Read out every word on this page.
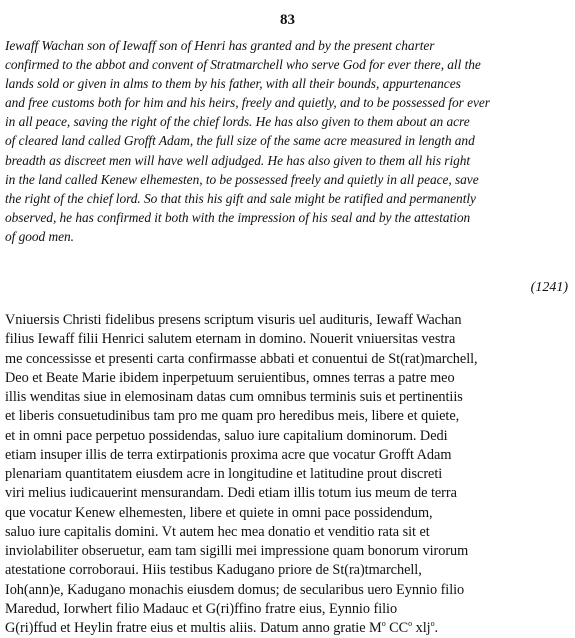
83
Iewaff Wachan son of Iewaff son of Henri has granted and by the present charter
confirmed to the abbot and convent of Stratmarchell who serve God for ever there, all the
lands sold or given in alms to them by his father, with all their bounds, appurtenances
and free customs both for him and his heirs, freely and quietly, and to be possessed for ever
in all peace, saving the right of the chief lords. He has also given to them about an acre
of cleared land called Grofft Adam, the full size of the same acre measured in length and
breadth as discreet men will have well adjudged. He has also given to them all his right
in the land called Kenew elhemesten, to be possessed freely and quietly in all peace, save
the right of the chief lord. So that this his gift and sale might be ratified and permanently
observed, he has confirmed it both with the impression of his seal and by the attestation
of good men.
(1241)
Vniuersis Christi fidelibus presens scriptum visuris uel audituris, Iewaff Wachan
filius Iewaff filii Henrici salutem eternam in domino. Nouerit vniuersitas vestra
me concessisse et presenti carta confirmasse abbati et conuentui de St(rat)marchell,
Deo et Beate Marie ibidem inperpetuum seruientibus, omnes terras a patre meo
illis wenditas siue in elemosinam datas cum omnibus terminis suis et pertinentiis
et liberis consuetudinibus tam pro me quam pro heredibus meis, libere et quiete,
et in omni pace perpetuo possidendas, saluo iure capitalium dominorum. Dedi
etiam insuper illis de terra extirpationis proxima acre que vocatur Grofft Adam
plenariam quantitatem eiusdem acre in longitudine et latitudine prout discreti
viri melius iudicauerint mensurandam. Dedi etiam illis totum ius meum de terra
que vocatur Kenew elhemesten, libere et quiete in omni pace possidendum,
saluo iure capitalis domini. Vt autem hec mea donatio et venditio rata sit et
inviolabiliter obseruetur, eam tam sigilli mei impressione quam bonorum virorum
atestatione corroboraui. Hiis testibus Kadugano priore de St(ra)tmarchell,
Ioh(ann)e, Kadugano monachis eiusdem domus; de secularibus uero Eynnio filio
Maredud, Iorwhert filio Madauc et G(ri)ffino fratre eius, Eynnio filio
G(ri)ffud et Heylin fratre eius et multis aliis. Datum anno gratie $M^o$ $CC^o$ xlj$^o$.
